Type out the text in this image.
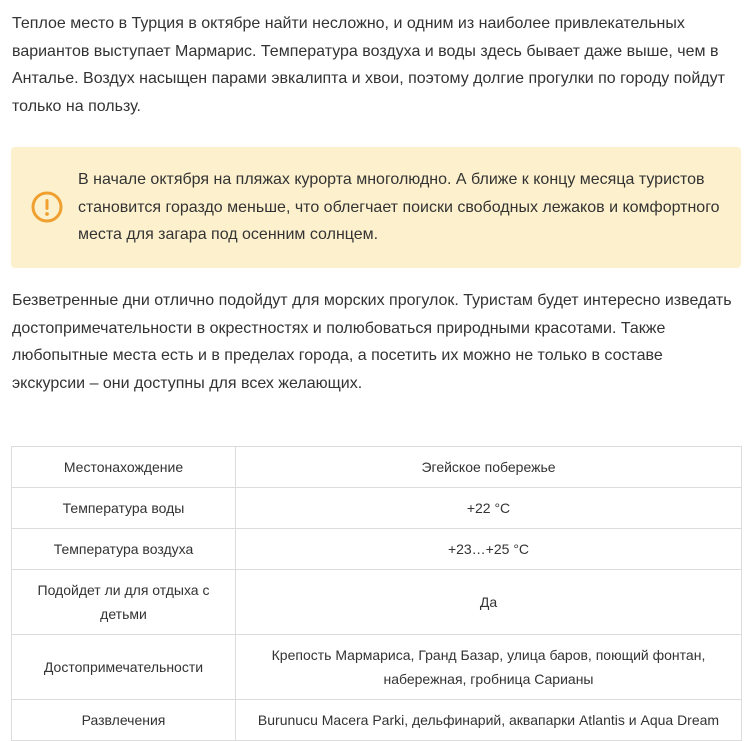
Теплое место в Турция в октябре найти несложно, и одним из наиболее привлекательных вариантов выступает Мармарис. Температура воздуха и воды здесь бывает даже выше, чем в Анталье. Воздух насыщен парами эвкалипта и хвои, поэтому долгие прогулки по городу пойдут только на пользу.

В начале октября на пляжах курорта многолюдно. А ближе к концу месяца туристов становится гораздо меньше, что облегчает поиски свободных лежаков и комфортного места для загара под осенним солнцем.

Безветренные дни отлично подойдут для морских прогулок. Туристам будет интересно изведать достопримечательности в окрестностях и полюбоваться природными красотами. Также любопытные места есть и в пределах города, а посетить их можно не только в составе экскурсии – они доступны для всех желающих.

Местонахождение	Эгейское побережье
Температура воды	+22 °C
Температура воздуха	+23…+25 °C
Подойдет ли для отдыха с детьми	Да
Достопримечательности	Крепость Мармариса, Гранд Базар, улица баров, поющий фонтан, набережная, гробница Сарианы
Развлечения	Burunucu Macera Parki, дельфинарий, аквапарки Atlantis и Aqua Dream
